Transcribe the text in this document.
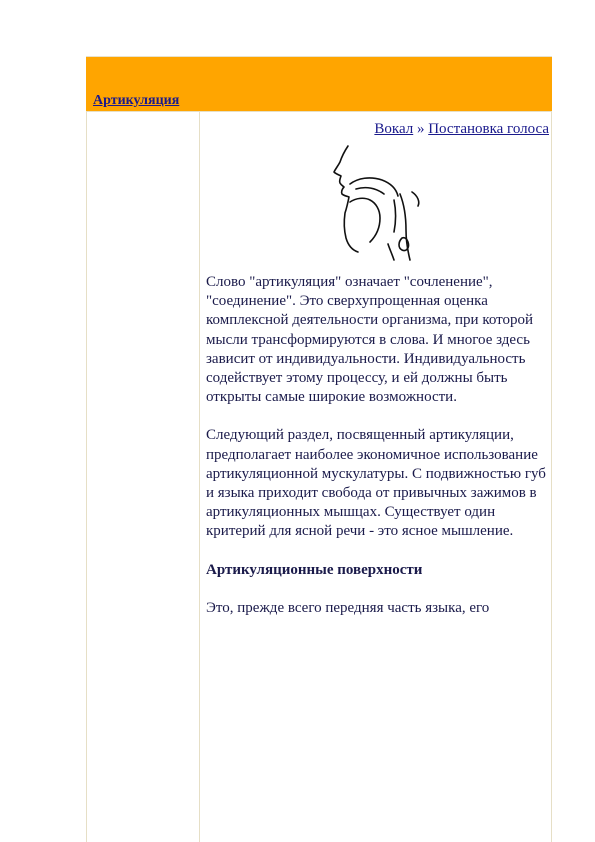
Артикуляция
Вокал » Постановка голоса

Слово "артикуляция" означает "сочленение", "соединение". Это сверхупрощенная оценка комплексной деятельности организма, при которой мысли трансформируются в слова. И многое здесь зависит от индивидуальности. Индивидуальность содействует этому процессу, и ей должны быть открыты самые широкие возможности.

Следующий раздел, посвященный артикуляции, предполагает наиболее экономичное использование артикуляционной мускулатуры. С подвижностью губ и языка приходит свобода от привычных зажимов в артикуляционных мышцах. Существует один критерий для ясной речи - это ясное мышление.

Артикуляционные поверхности

Это, прежде всего передняя часть языка, его
